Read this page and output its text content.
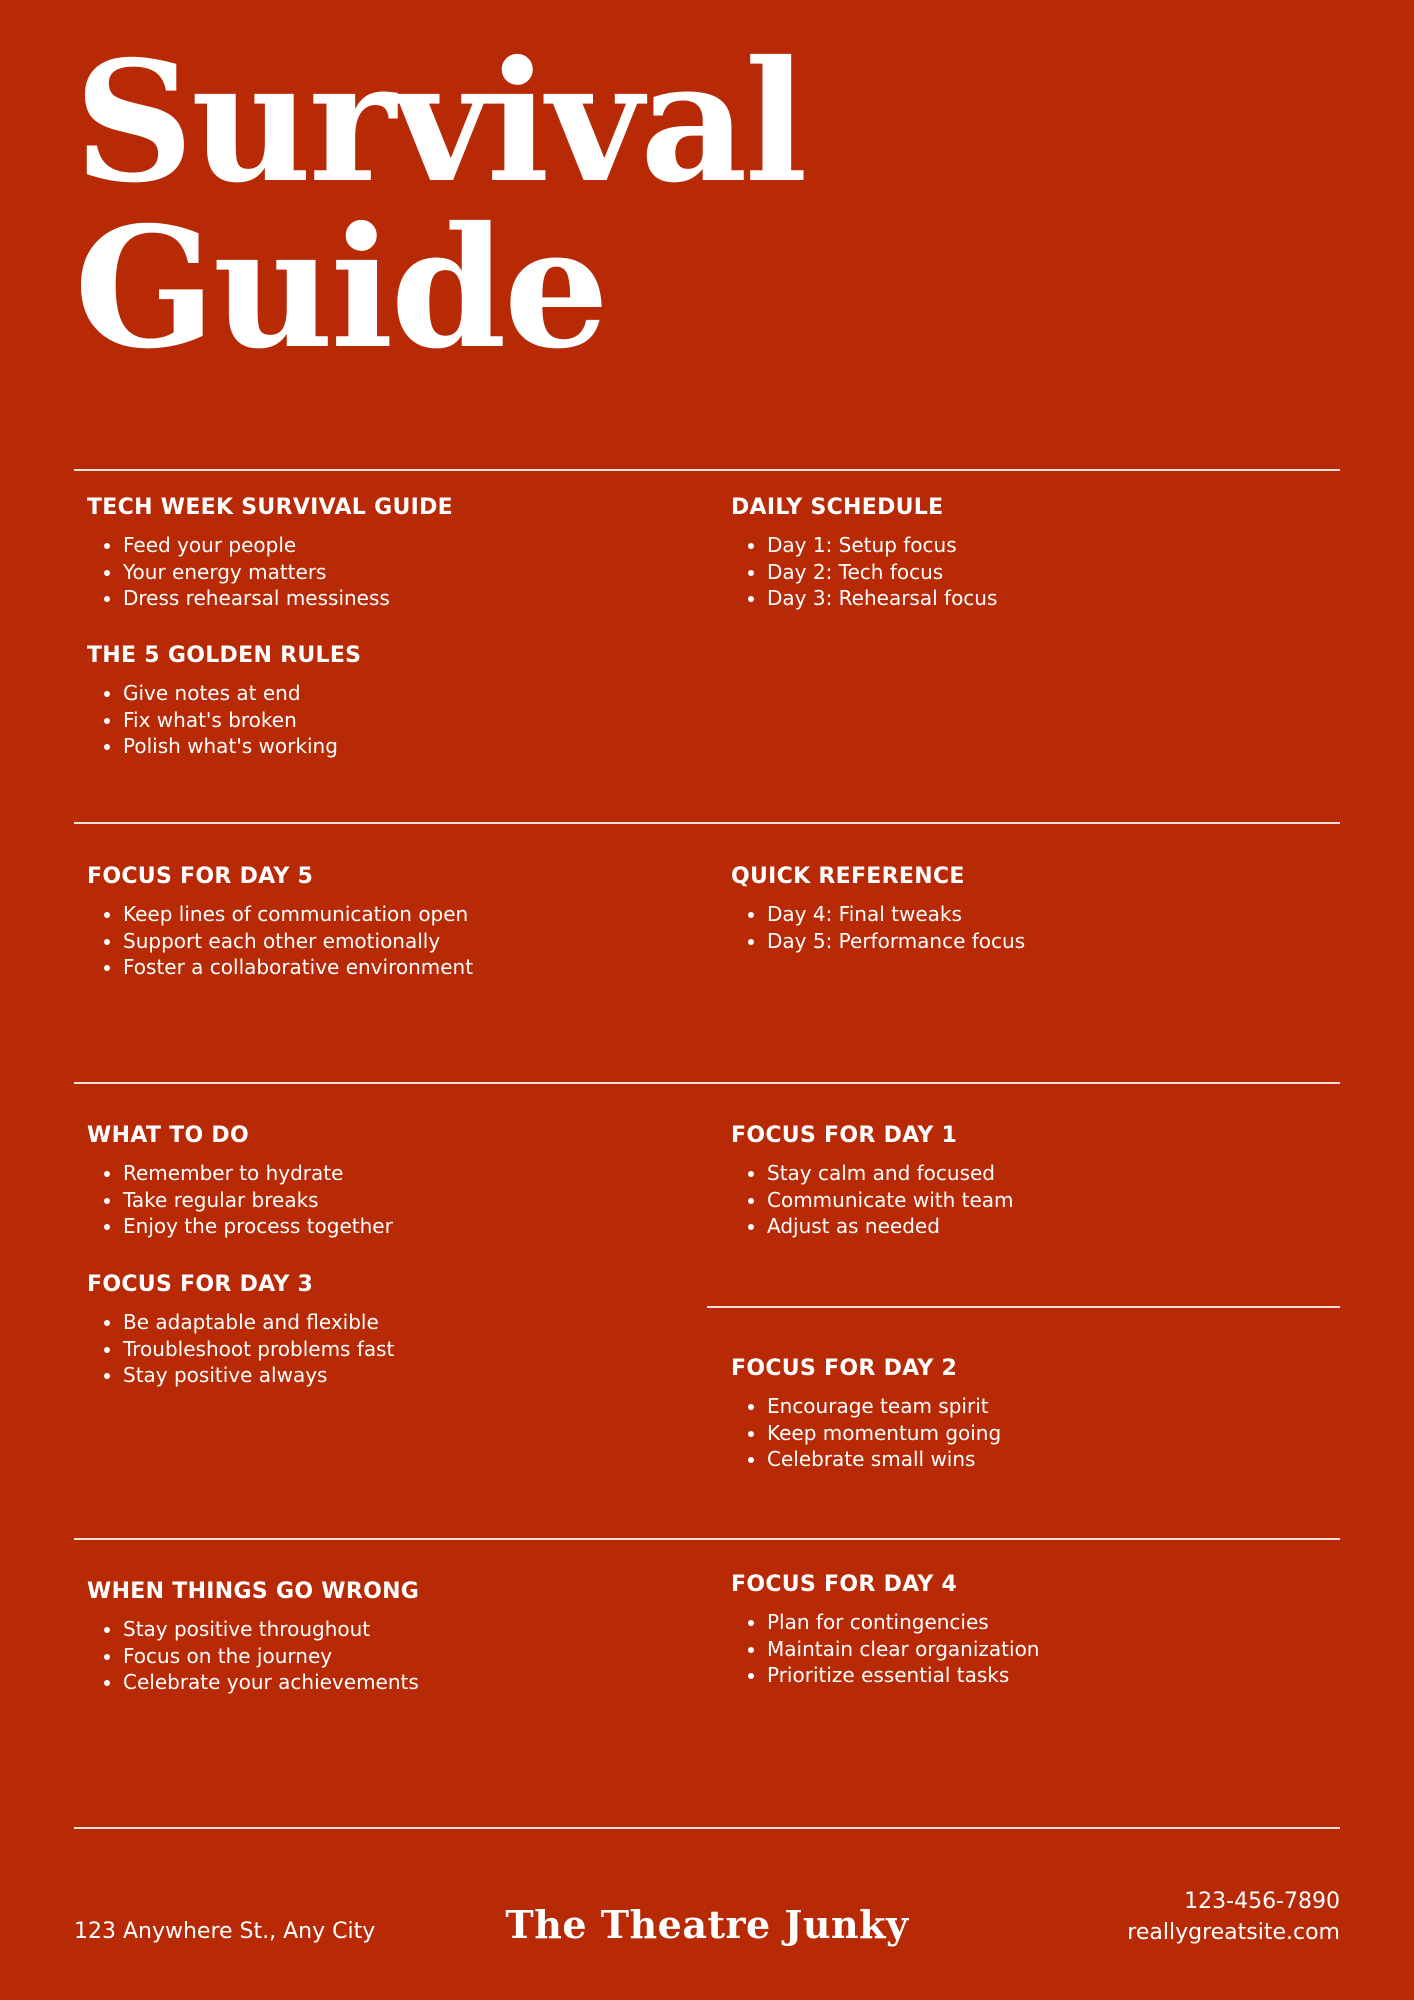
Survival
Guide
TECH WEEK SURVIVAL GUIDE
• Feed your people
• Your energy matters
• Dress rehearsal messiness
DAILY SCHEDULE
• Day 1: Setup focus
• Day 2: Tech focus
• Day 3: Rehearsal focus
THE 5 GOLDEN RULES
• Give notes at end
• Fix what's broken
• Polish what's working
FOCUS FOR DAY 5
• Keep lines of communication open
• Support each other emotionally
• Foster a collaborative environment
QUICK REFERENCE
• Day 4: Final tweaks
• Day 5: Performance focus
WHAT TO DO
• Remember to hydrate
• Take regular breaks
• Enjoy the process together
FOCUS FOR DAY 1
• Stay calm and focused
• Communicate with team
• Adjust as needed
FOCUS FOR DAY 3
• Be adaptable and flexible
• Troubleshoot problems fast
• Stay positive always	FOCUS FOR DAY 2
• Encourage team spirit
• Keep momentum going
• Celebrate small wins
WHEN THINGS GO WRONG
• Stay positive throughout
• Focus on the journey
• Celebrate your achievements
FOCUS FOR DAY 4
• Plan for contingencies
• Maintain clear organization
• Prioritize essential tasks
123 Anywhere St., Any City	The Theatre Junky
123-456-7890
reallygreatsite.com
